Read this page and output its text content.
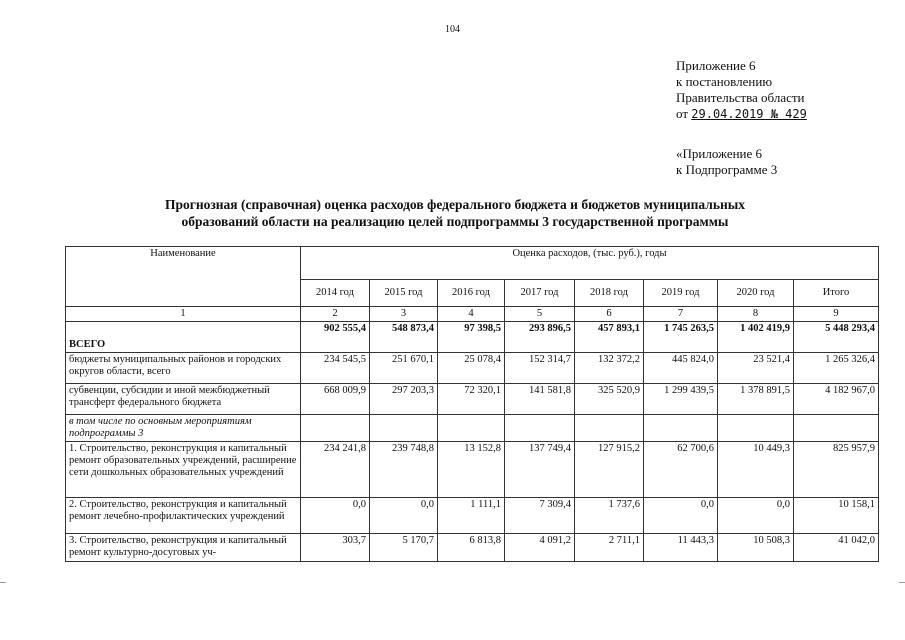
104
Приложение 6
к постановлению
Правительства области
от 29.04.2019 № 429
«Приложение 6
к Подпрограмме 3
Прогнозная (справочная) оценка расходов федерального бюджета и бюджетов муниципальных
образований области на реализацию целей подпрограммы 3 государственной программы
Наименование	Оценка расходов, (тыс. руб.), годы							
	2014 год	2015 год	2016 год	2017 год	2018 год	2019 год	2020 год	Итого
1	2	3	4	5	6	7	8	9
ВСЕГО	902 555,4	548 873,4	97 398,5	293 896,5	457 893,1	1 745 263,5	1 402 419,9	5 448 293,4
бюджеты муниципальных районов и городских округов области, всего	234 545,5	251 670,1	25 078,4	152 314,7	132 372,2	445 824,0	23 521,4	1 265 326,4
субвенции, субсидии и иной межбюджетный трансферт федерального бюджета	668 009,9	297 203,3	72 320,1	141 581,8	325 520,9	1 299 439,5	1 378 891,5	4 182 967,0
в том числе по основным мероприятиям подпрограммы 3								
1. Строительство, реконструкция и капитальный ремонт образовательных учреждений, расширение сети дошкольных образовательных учреждений	234 241,8	239 748,8	13 152,8	137 749,4	127 915,2	62 700,6	10 449,3	825 957,9
2. Строительство, реконструкция и капитальный ремонт лечебно-профилактических учреждений	0,0	0,0	1 111,1	7 309,4	1 737,6	0,0	0,0	10 158,1
3. Строительство, реконструкция и капитальный ремонт культурно-досуговых уч-	303,7	5 170,7	6 813,8	4 091,2	2 711,1	11 443,3	10 508,3	41 042,0
